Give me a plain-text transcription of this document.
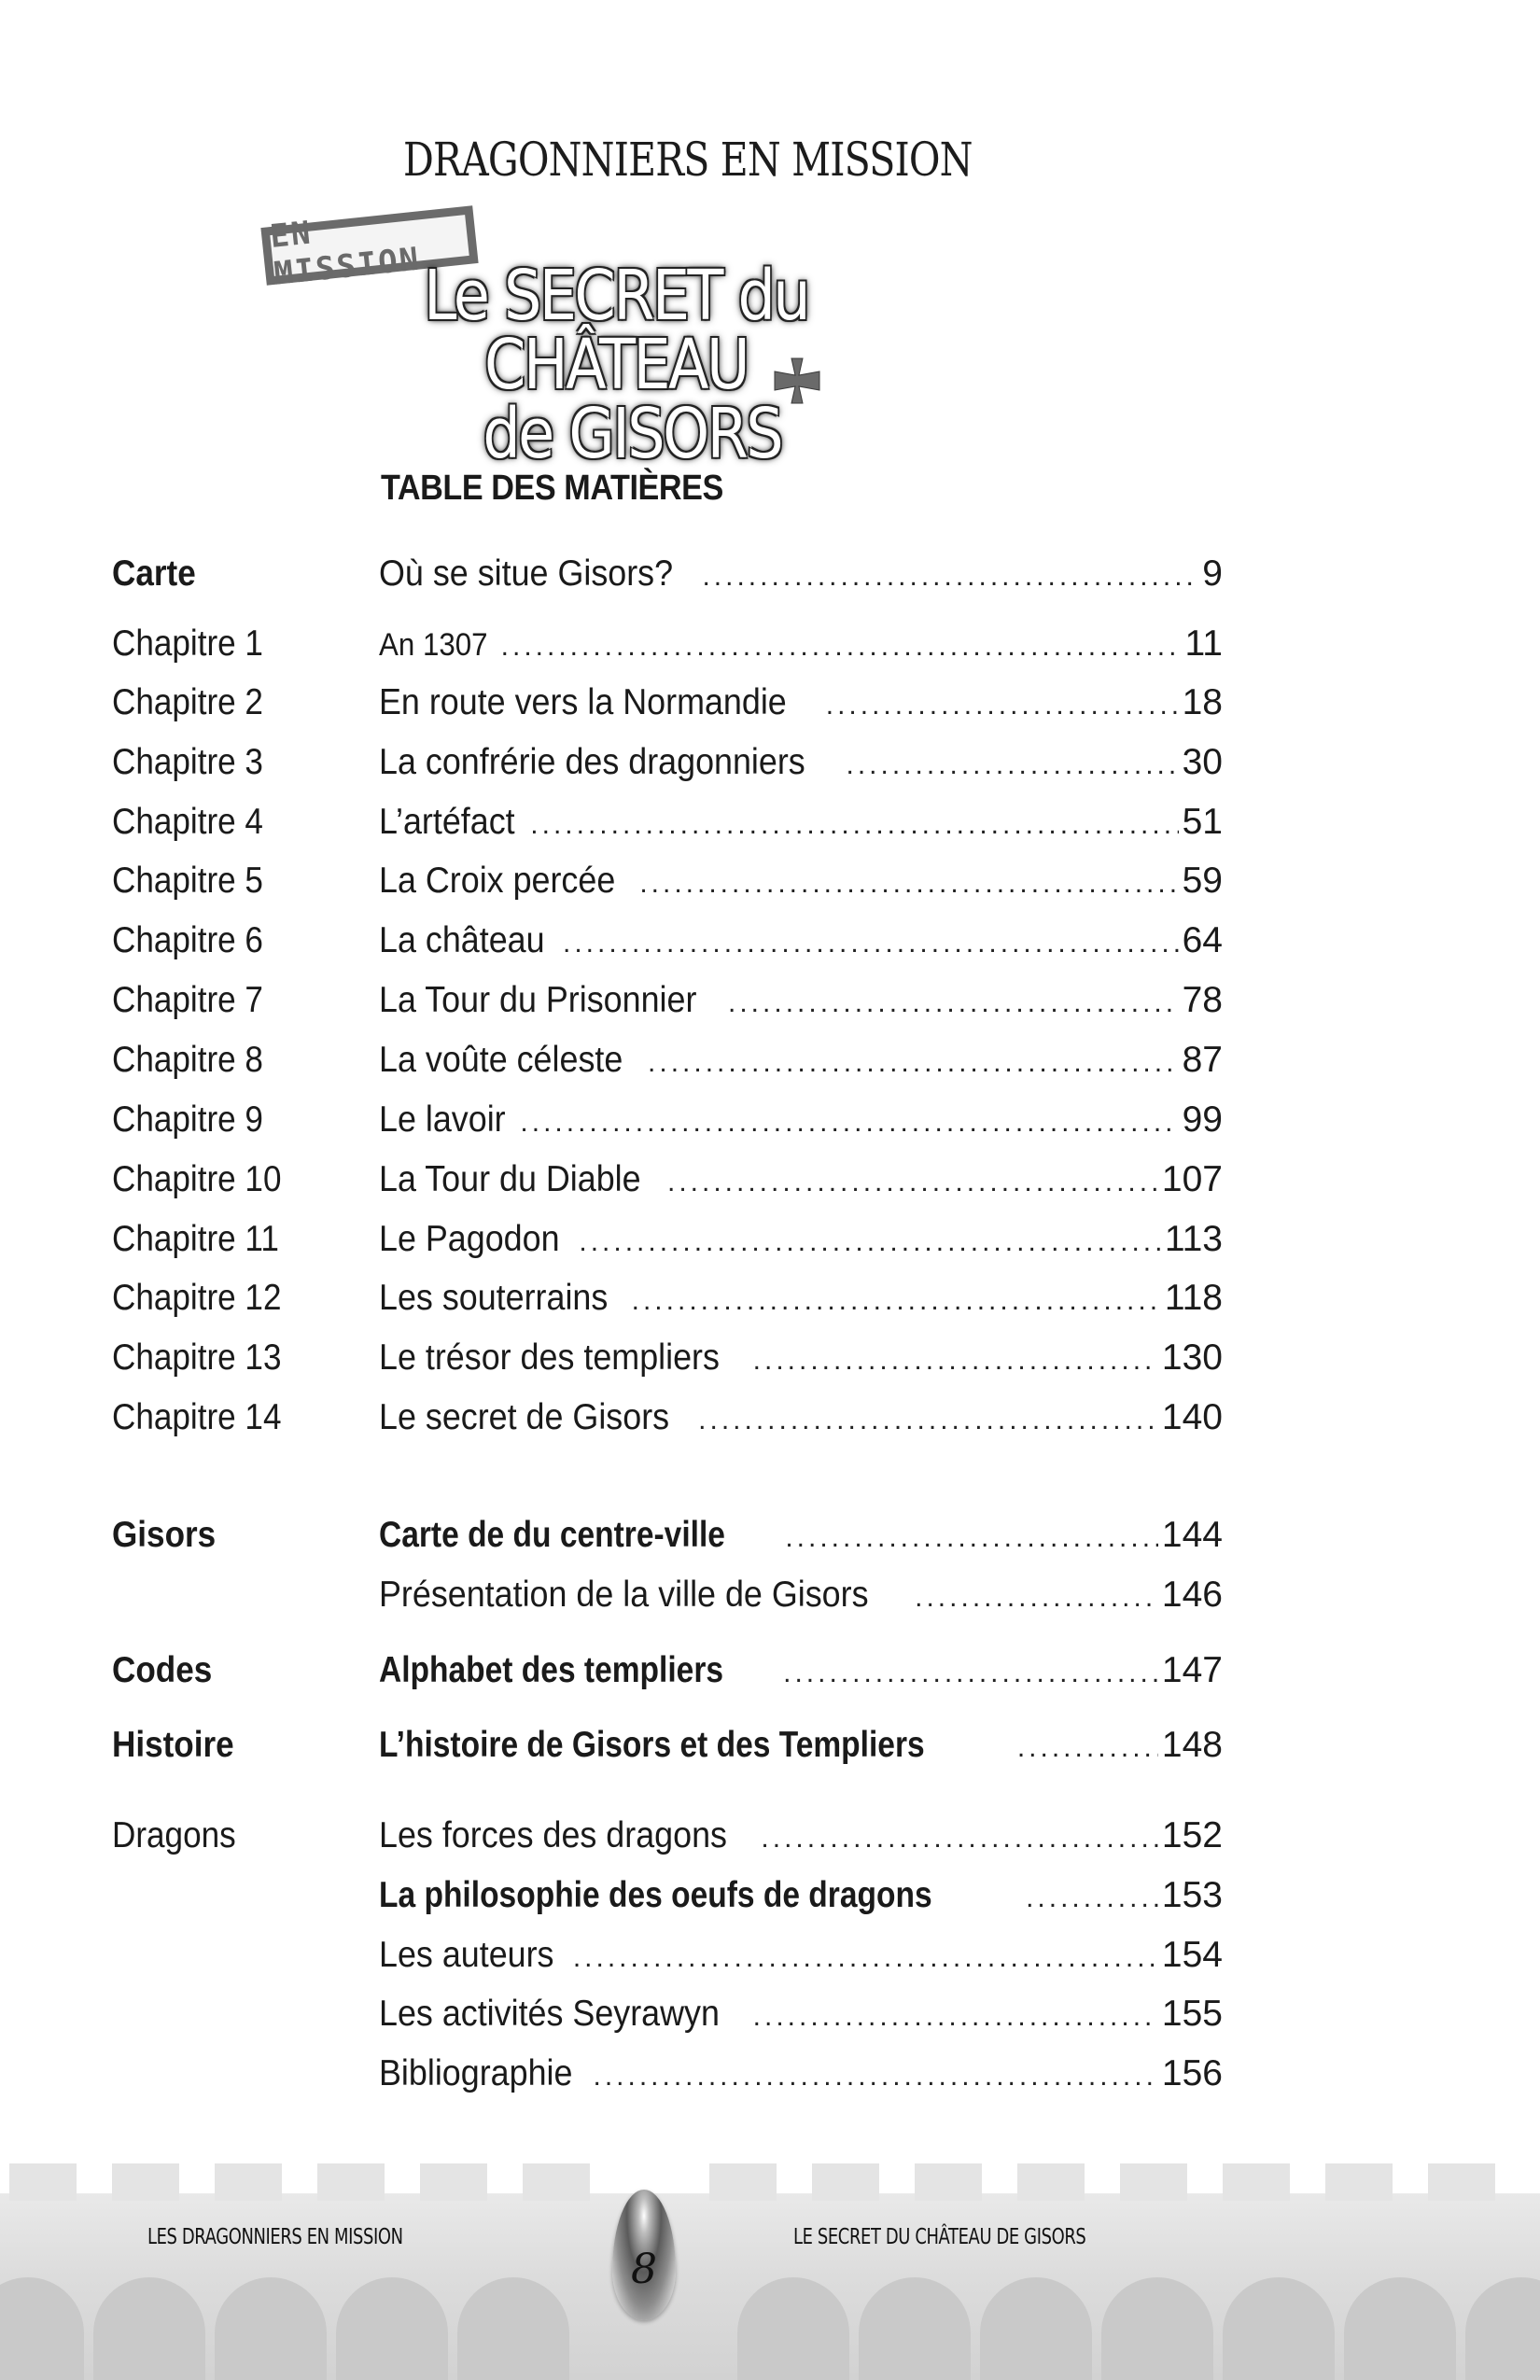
DRAGONNIERS EN MISSION
EN MISSION Le SECRET du CHÂTEAU
de GISORS
TABLE DES MATIÈRES
Carte	Où se situe Gisors? .....	9
Chapitre 1	An 1307 .....	11
Chapitre 2	En route vers la Normandie .....	18
Chapitre 3	La confrérie des dragonniers .....	30
Chapitre 4	L’artéfact .....	51
Chapitre 5	La Croix percée .....	59
Chapitre 6	La château .....	64
Chapitre 7	La Tour du Prisonnier .....	78
Chapitre 8	La voûte céleste .....	87
Chapitre 9	Le lavoir .....	99
Chapitre 10	La Tour du Diable .....	107
Chapitre 11	Le Pagodon .....	113
Chapitre 12	Les souterrains .....	118
Chapitre 13	Le trésor des templiers .....	130
Chapitre 14	Le secret de Gisors .....	140
Gisors	Carte de du centre-ville .....	144
Présentation de la ville de Gisors .....	146
Codes	Alphabet des templiers .....	147
Histoire	L’histoire de Gisors et des Templiers .....	148
Dragons	Les forces des dragons .....	152
La philosophie des oeufs de dragons .....	153
Les auteurs .....	154
Les activités Seyrawyn .....	155
Bibliographie .....	156
LES DRAGONNIERS EN MISSION	LE SECRET DU CHÂTEAU DE GISORS
8
